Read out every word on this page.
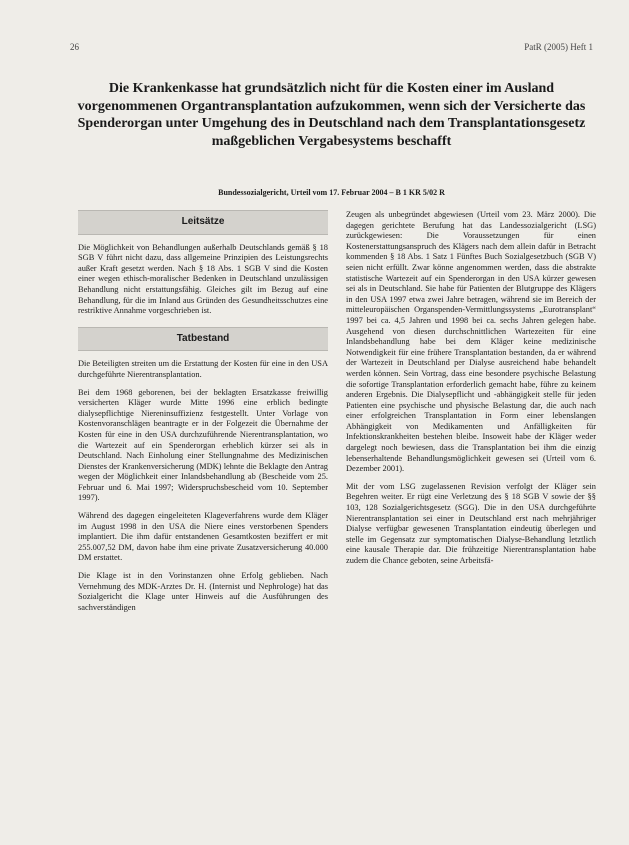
26	PatR (2005) Heft 1
Die Krankenkasse hat grundsätzlich nicht für die Kosten einer im Ausland vorgenommenen Organtransplantation aufzukommen, wenn sich der Versicherte das Spenderorgan unter Umgehung des in Deutschland nach dem Transplantationsgesetz maßgeblichen Vergabesystems beschafft
Bundessozialgericht, Urteil vom 17. Februar 2004 – B 1 KR 5/02 R
Leitsätze

Die Möglichkeit von Behandlungen außerhalb Deutschlands gemäß § 18 SGB V führt nicht dazu, dass allgemeine Prinzipien des Leistungsrechts außer Kraft gesetzt werden. Nach § 18 Abs. 1 SGB V sind die Kosten einer wegen ethisch-moralischer Bedenken in Deutschland unzulässigen Behandlung nicht erstattungsfähig. Gleiches gilt im Bezug auf eine Behandlung, für die im Inland aus Gründen des Gesundheitsschutzes eine restriktive Annahme vorgeschrieben ist.

Tatbestand

Die Beteiligten streiten um die Erstattung der Kosten für eine in den USA durchgeführte Nierentransplantation.

Bei dem 1968 geborenen, bei der beklagten Ersatzkasse freiwillig versicherten Kläger wurde Mitte 1996 eine erblich bedingte dialysepflichtige Niereninsuffizienz festgestellt. Unter Vorlage von Kostenvoranschlägen beantragte er in der Folgezeit die Übernahme der Kosten für eine in den USA durchzuführende Nierentransplantation, wo die Wartezeit auf ein Spenderorgan erheblich kürzer sei als in Deutschland. Nach Einholung einer Stellungnahme des Medizinischen Dienstes der Krankenversicherung (MDK) lehnte die Beklagte den Antrag wegen der Möglichkeit einer Inlandsbehandlung ab (Bescheide vom 25. Februar und 6. Mai 1997; Widerspruchsbescheid vom 10. September 1997).

Während des dagegen eingeleiteten Klageverfahrens wurde dem Kläger im August 1998 in den USA die Niere eines verstorbenen Spenders implantiert. Die ihm dafür entstandenen Gesamtkosten beziffert er mit 255.007,52 DM, davon habe ihm eine private Zusatzversicherung 40.000 DM erstattet.

Die Klage ist in den Vorinstanzen ohne Erfolg geblieben. Nach Vernehmung des MDK-Arztes Dr. H. (Internist und Nephrologe) hat das Sozialgericht die Klage unter Hinweis auf die Ausführungen des sachverständigen

Zeugen als unbegründet abgewiesen (Urteil vom 23. März 2000). Die dagegen gerichtete Berufung hat das Landessozialgericht (LSG) zurückgewiesen: Die Voraussetzungen für einen Kostenerstattungsanspruch des Klägers nach dem allein dafür in Betracht kommenden § 18 Abs. 1 Satz 1 Fünftes Buch Sozialgesetzbuch (SGB V) seien nicht erfüllt. Zwar könne angenommen werden, dass die abstrakte statistische Wartezeit auf ein Spenderorgan in den USA kürzer gewesen sei als in Deutschland. Sie habe für Patienten der Blutgruppe des Klägers in den USA 1997 etwa zwei Jahre betragen, während sie im Bereich der mitteleuropäischen Organspenden-Vermittlungssystems „Eurotransplant“ 1997 bei ca. 4,5 Jahren und 1998 bei ca. sechs Jahren gelegen habe. Ausgehend von diesen durchschnittlichen Wartezeiten für eine Inlandsbehandlung habe bei dem Kläger keine medizinische Notwendigkeit für eine frühere Transplantation bestanden, da er während der Wartezeit in Deutschland per Dialyse ausreichend habe behandelt werden können. Sein Vortrag, dass eine besondere psychische Belastung die sofortige Transplantation erforderlich gemacht habe, führe zu keinem anderen Ergebnis. Die Dialysepflicht und -abhängigkeit stelle für jeden Patienten eine psychische und physische Belastung dar, die auch nach einer erfolgreichen Transplantation in Form einer lebenslangen Abhängigkeit von Medikamenten und Anfälligkeiten für Infektionskrankheiten bestehen bleibe. Insoweit habe der Kläger weder dargelegt noch bewiesen, dass die Transplantation bei ihm die einzig lebenserhaltende Behandlungsmöglichkeit gewesen sei (Urteil vom 6. Dezember 2001).

Mit der vom LSG zugelassenen Revision verfolgt der Kläger sein Begehren weiter. Er rügt eine Verletzung des § 18 SGB V sowie der §§ 103, 128 Sozialgerichtsgesetz (SGG). Die in den USA durchgeführte Nierentransplantation sei einer in Deutschland erst nach mehrjähriger Dialyse verfügbar gewesenen Transplantation eindeutig überlegen und stelle im Gegensatz zur symptomatischen Dialyse-Behandlung letztlich eine kausale Therapie dar. Die frühzeitige Nierentransplantation habe zudem die Chance geboten, seine Arbeitsfä-
